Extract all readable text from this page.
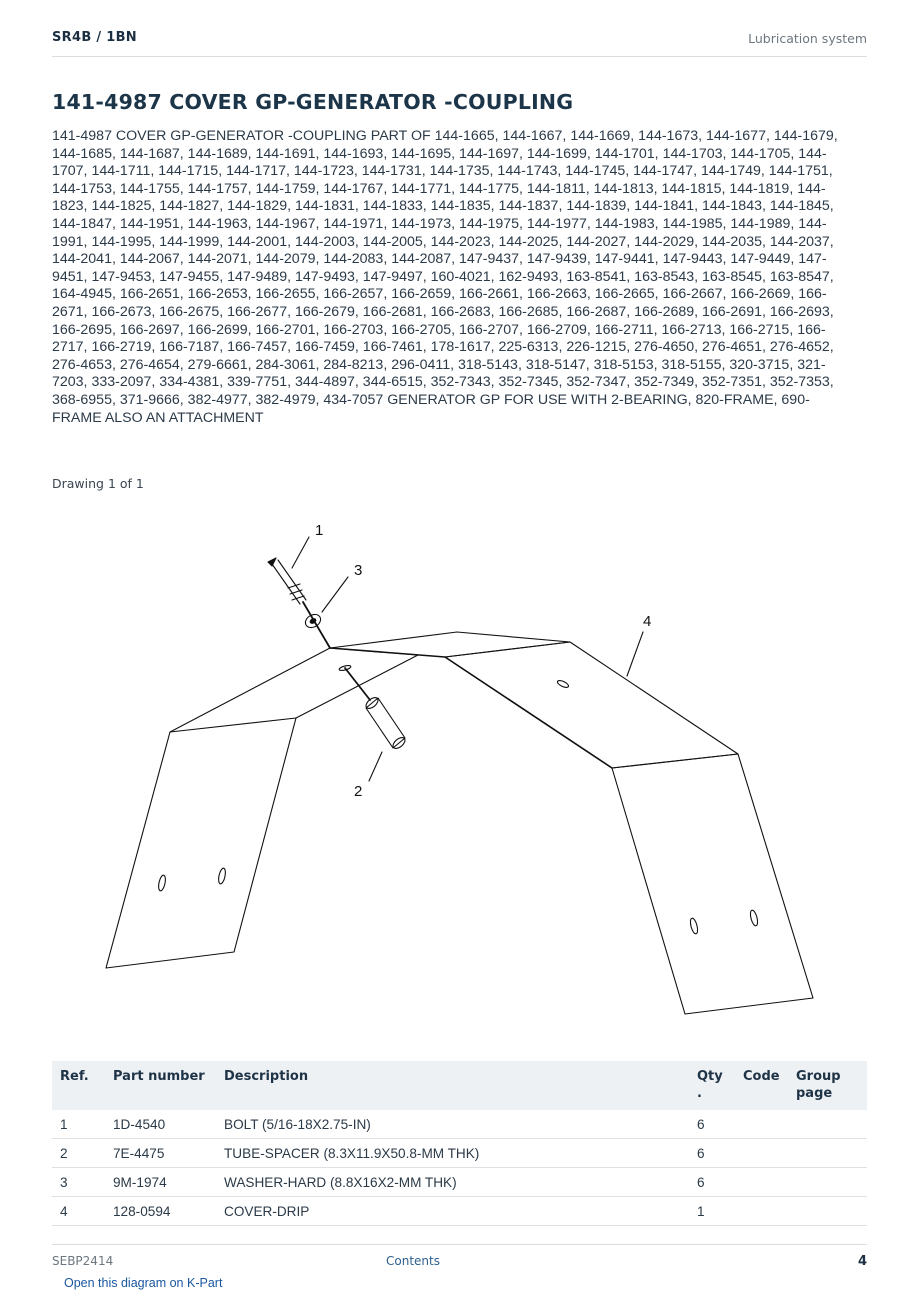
SR4B / 1BN	Lubrication system
141-4987 COVER GP-GENERATOR -COUPLING

141-4987 COVER GP-GENERATOR -COUPLING PART OF 144-1665, 144-1667, 144-1669, 144-1673, 144-1677, 144-1679, 144-1685, 144-1687, 144-1689, 144-1691, 144-1693, 144-1695, 144-1697, 144-1699, 144-1701, 144-1703, 144-1705, 144-1707, 144-1711, 144-1715, 144-1717, 144-1723, 144-1731, 144-1735, 144-1743, 144-1745, 144-1747, 144-1749, 144-1751, 144-1753, 144-1755, 144-1757, 144-1759, 144-1767, 144-1771, 144-1775, 144-1811, 144-1813, 144-1815, 144-1819, 144-1823, 144-1825, 144-1827, 144-1829, 144-1831, 144-1833, 144-1835, 144-1837, 144-1839, 144-1841, 144-1843, 144-1845, 144-1847, 144-1951, 144-1963, 144-1967, 144-1971, 144-1973, 144-1975, 144-1977, 144-1983, 144-1985, 144-1989, 144-1991, 144-1995, 144-1999, 144-2001, 144-2003, 144-2005, 144-2023, 144-2025, 144-2027, 144-2029, 144-2035, 144-2037, 144-2041, 144-2067, 144-2071, 144-2079, 144-2083, 144-2087, 147-9437, 147-9439, 147-9441, 147-9443, 147-9449, 147-9451, 147-9453, 147-9455, 147-9489, 147-9493, 147-9497, 160-4021, 162-9493, 163-8541, 163-8543, 163-8545, 163-8547, 164-4945, 166-2651, 166-2653, 166-2655, 166-2657, 166-2659, 166-2661, 166-2663, 166-2665, 166-2667, 166-2669, 166-2671, 166-2673, 166-2675, 166-2677, 166-2679, 166-2681, 166-2683, 166-2685, 166-2687, 166-2689, 166-2691, 166-2693, 166-2695, 166-2697, 166-2699, 166-2701, 166-2703, 166-2705, 166-2707, 166-2709, 166-2711, 166-2713, 166-2715, 166-2717, 166-2719, 166-7187, 166-7457, 166-7459, 166-7461, 178-1617, 225-6313, 226-1215, 276-4650, 276-4651, 276-4652, 276-4653, 276-4654, 279-6661, 284-3061, 284-8213, 296-0411, 318-5143, 318-5147, 318-5153, 318-5155, 320-3715, 321-7203, 333-2097, 334-4381, 339-7751, 344-4897, 344-6515, 352-7343, 352-7345, 352-7347, 352-7349, 352-7351, 352-7353, 368-6955, 371-9666, 382-4977, 382-4979, 434-7057 GENERATOR GP FOR USE WITH 2-BEARING, 820-FRAME, 690-FRAME ALSO AN ATTACHMENT

Drawing 1 of 1
1
3
4
2
Ref.	Part number	Description	Qty .	Code	Group page
1	1D-4540	BOLT (5/16-18X2.75-IN)	6		
2	7E-4475	TUBE-SPACER (8.3X11.9X50.8-MM THK)	6		
3	9M-1974	WASHER-HARD (8.8X16X2-MM THK)	6		
4	128-0594	COVER-DRIP	1		
SEBP2414	Contents	4
Open this diagram on K-Part
